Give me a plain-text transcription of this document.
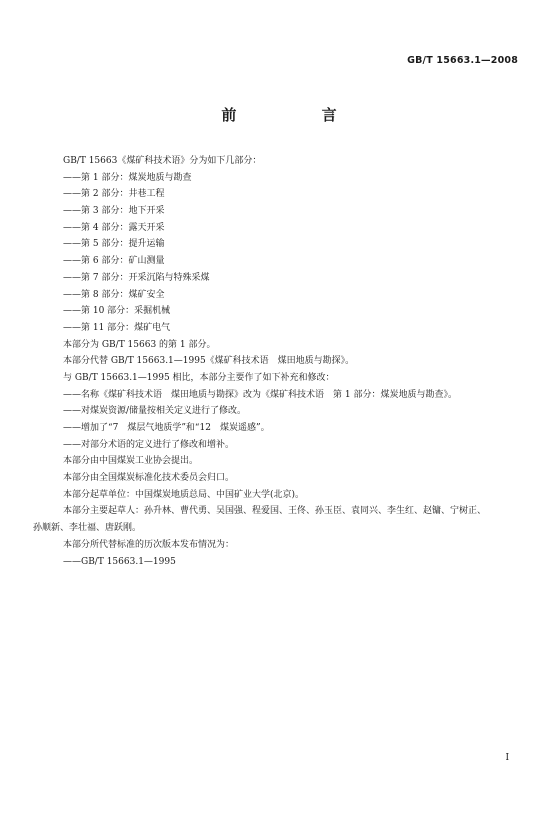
GB/T 15663.1—2008
前 言
GB/T 15663《煤矿科技术语》分为如下几部分：
——第 1 部分：煤炭地质与勘查
——第 2 部分：井巷工程
——第 3 部分：地下开采
——第 4 部分：露天开采
——第 5 部分：提升运输
——第 6 部分：矿山测量
——第 7 部分：开采沉陷与特殊采煤
——第 8 部分：煤矿安全
——第 10 部分：采掘机械
——第 11 部分：煤矿电气
本部分为 GB/T 15663 的第 1 部分。
本部分代替 GB/T 15663.1—1995《煤矿科技术语　煤田地质与勘探》。
与 GB/T 15663.1—1995 相比，本部分主要作了如下补充和修改：
——名称《煤矿科技术语　煤田地质与勘探》改为《煤矿科技术语　第 1 部分：煤炭地质与勘查》。
——对煤炭资源/储量按相关定义进行了修改。
——增加了“7　煤层气地质学”和“12　煤炭遥感”。
——对部分术语的定义进行了修改和增补。
本部分由中国煤炭工业协会提出。
本部分由全国煤炭标准化技术委员会归口。
本部分起草单位：中国煤炭地质总局、中国矿业大学(北京)。
本部分主要起草人：孙升林、曹代勇、吴国强、程爱国、王佟、孙玉臣、袁同兴、李生红、赵镛、宁树正、
孙顺新、李壮福、唐跃刚。
本部分所代替标准的历次版本发布情况为：
——GB/T 15663.1—1995
I
